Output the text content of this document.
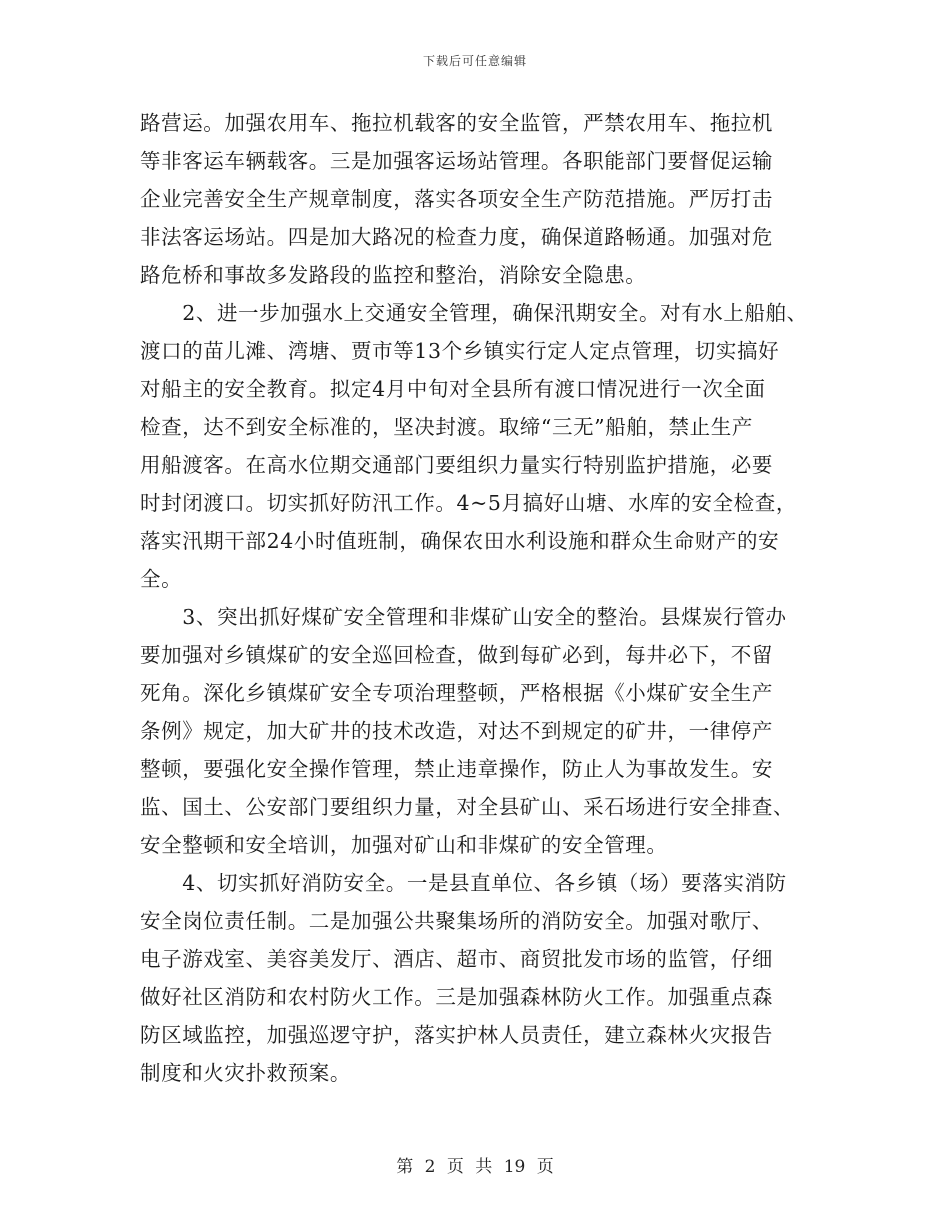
下载后可任意编辑
路营运。加强农用车、拖拉机载客的安全监管，严禁农用车、拖拉机
等非客运车辆载客。三是加强客运场站管理。各职能部门要督促运输
企业完善安全生产规章制度，落实各项安全生产防范措施。严厉打击
非法客运场站。四是加大路况的检查力度，确保道路畅通。加强对危
路危桥和事故多发路段的监控和整治，消除安全隐患。
　　2、进一步加强水上交通安全管理，确保汛期安全。对有水上船舶、
渡口的苗儿滩、湾塘、贾市等13个乡镇实行定人定点管理，切实搞好
对船主的安全教育。拟定4月中旬对全县所有渡口情况进行一次全面
检查，达不到安全标准的，坚决封渡。取缔“三无”船舶，禁止生产
用船渡客。在高水位期交通部门要组织力量实行特别监护措施，必要
时封闭渡口。切实抓好防汛工作。4~5月搞好山塘、水库的安全检查，
落实汛期干部24小时值班制，确保农田水利设施和群众生命财产的安
全。
　　3、突出抓好煤矿安全管理和非煤矿山安全的整治。县煤炭行管办
要加强对乡镇煤矿的安全巡回检查，做到每矿必到，每井必下，不留
死角。深化乡镇煤矿安全专项治理整顿，严格根据《小煤矿安全生产
条例》规定，加大矿井的技术改造，对达不到规定的矿井，一律停产
整顿，要强化安全操作管理，禁止违章操作，防止人为事故发生。安
监、国土、公安部门要组织力量，对全县矿山、采石场进行安全排查、
安全整顿和安全培训，加强对矿山和非煤矿的安全管理。
　　4、切实抓好消防安全。一是县直单位、各乡镇（场）要落实消防
安全岗位责任制。二是加强公共聚集场所的消防安全。加强对歌厅、
电子游戏室、美容美发厅、酒店、超市、商贸批发市场的监管，仔细
做好社区消防和农村防火工作。三是加强森林防火工作。加强重点森
防区域监控，加强巡逻守护，落实护林人员责任，建立森林火灾报告
制度和火灾扑救预案。
第 2 页 共 19 页
